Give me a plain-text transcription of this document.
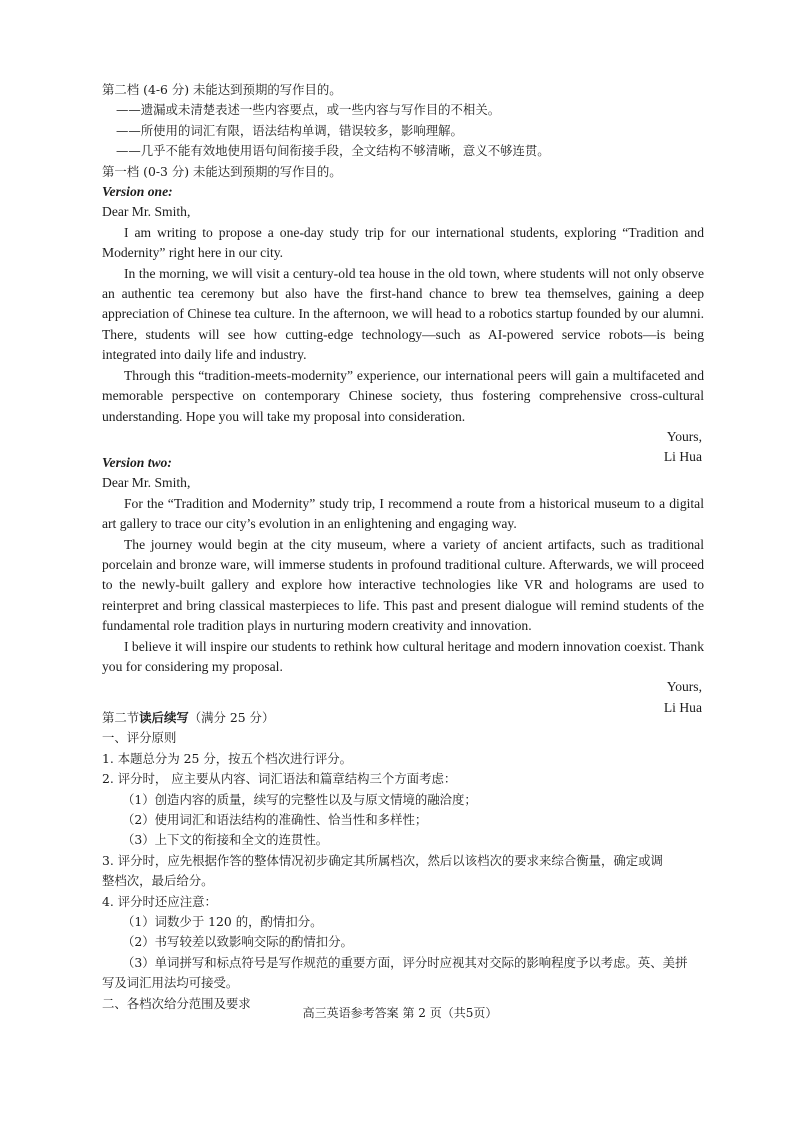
第二档 (4-6 分) 未能达到预期的写作目的。
——遗漏或未清楚表述一些内容要点，或一些内容与写作目的不相关。
——所使用的词汇有限，语法结构单调，错误较多，影响理解。
——几乎不能有效地使用语句间衔接手段，全文结构不够清晰，意义不够连贯。
第一档 (0-3 分) 未能达到预期的写作目的。
Version one:
Dear Mr. Smith,

I am writing to propose a one-day study trip for our international students, exploring “Tradition and Modernity” right here in our city.

In the morning, we will visit a century-old tea house in the old town, where students will not only observe an authentic tea ceremony but also have the first-hand chance to brew tea themselves, gaining a deep appreciation of Chinese tea culture. In the afternoon, we will head to a robotics startup founded by our alumni. There, students will see how cutting-edge technology—such as AI-powered service robots—is being integrated into daily life and industry.

Through this “tradition-meets-modernity” experience, our international peers will gain a multifaceted and memorable perspective on contemporary Chinese society, thus fostering comprehensive cross-cultural understanding. Hope you will take my proposal into consideration.

Yours,
Li Hua
Version two:
Dear Mr. Smith,

For the “Tradition and Modernity” study trip, I recommend a route from a historical museum to a digital art gallery to trace our city’s evolution in an enlightening and engaging way.

The journey would begin at the city museum, where a variety of ancient artifacts, such as traditional porcelain and bronze ware, will immerse students in profound traditional culture. Afterwards, we will proceed to the newly-built gallery and explore how interactive technologies like VR and holograms are used to reinterpret and bring classical masterpieces to life. This past and present dialogue will remind students of the fundamental role tradition plays in nurturing modern creativity and innovation.

I believe it will inspire our students to rethink how cultural heritage and modern innovation coexist. Thank you for considering my proposal.

Yours,
Li Hua
第二节读后续写（满分 25 分）
一、评分原则
1. 本题总分为 25 分，按五个档次进行评分。
2. 评分时， 应主要从内容、词汇语法和篇章结构三个方面考虑：
（1）创造内容的质量，续写的完整性以及与原文情境的融洽度；
（2）使用词汇和语法结构的准确性、恰当性和多样性；
（3）上下文的衔接和全文的连贯性。
3. 评分时，应先根据作答的整体情况初步确定其所属档次，然后以该档次的要求来综合衡量，确定或调
整档次，最后给分。
4. 评分时还应注意：
（1）词数少于 120 的，酌情扣分。
（2）书写较差以致影响交际的酌情扣分。
（3）单词拼写和标点符号是写作规范的重要方面，评分时应视其对交际的影响程度予以考虑。英、美拼
写及词汇用法均可接受。
二、各档次给分范围及要求
高三英语参考答案 第 2 页（共5页）
